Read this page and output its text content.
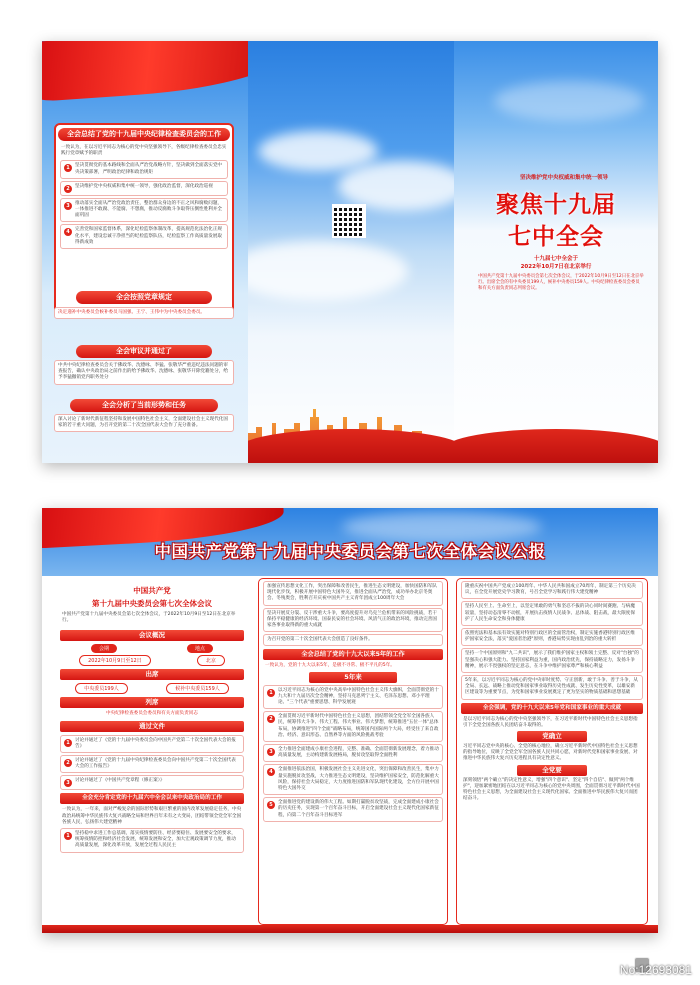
全会总结了党的十九届中央纪律检查委员会的工作
一致认为，在以习近平同志为核心的党中央坚强领导下，各级纪律检查委员会忠实践行党章赋予的职责
1	坚决贯彻党的基本路线和全面从严治党战略方针，坚决做到全面落实党中央决策部署，严明政治纪律和政治规矩
2	坚决维护党中央权威和集中统一领导，强化政治监督，深化政治巡视
3	推动落实全面从严治党政治责任，整治群众身边的不正之风和腐败问题，一体推进不敢腐、不能腐、不想腐，推动反腐败斗争取得压倒性胜利并全面巩固
4	完善党和国家监督体系，深化纪检监察体制改革，提高规范化法治化正规化水平，建设忠诚干净担当的纪检监察队伍，纪检监察工作高质量发展取得新成效
全会按照党章规定
决定递补中央委员会候补委员马国强、王宁、王伟中为中央委员会委员。
全会审议并通过了
中共中央纪律检查委员会关于佛政华、沈德咏、李猛、张敬华严重违纪违法问题的审查报告，确认中央政治局之前作出的给予佛政华、沈德咏、张敬华开除党籍处分，给予李猛撤销党内职务处分
全会分析了当前形势和任务
深入讨论了新时代新征程坚持和发展中国特色社会主义，全面建设社会主义现代化国家的若干重大问题，为召开党的第二十次全国代表大会作了充分准备。
坚决维护党中央权威和集中统一领导
聚焦十九届
七中全会
十九届七中全会于
2022年10月7日在北京举行
中国共产党第十九届中央委员会第七次全体会议，于2022年10月9日至12日在北京举行。出席全会的有中央委员199人，候补中央委员159人。中央纪律检查委员会委员和有关方面负责同志列席会议。
中国共产党第十九届中央委员会第七次全体会议公报
中国共产党
第十九届中央委员会第七次全体会议
中国共产党第十九届中央委员会第七次全体会议，于2022年10月9日至12日在北京举行。
会议概况
会期	地点
2022年10月9日至12日	北京
出席
中央委员199人	候补中央委员159人
列席
中央纪律检查委员会委员和有关方面负责同志
通过文件
1	讨论并通过了《党的十九届中央委员会向中国共产党第二十次全国代表大会的报告》
2	讨论并通过了《党的十九届中央纪律检查委员会向中国共产党第二十次全国代表大会的工作报告》
3	讨论并通过了《中国共产党章程（修正案）》
全会充分肯定党的十九届六中全会以来中央政治局的工作
一致认为，一年来，面对严峻复杂的国际形势和艰巨繁重的国内改革发展稳定任务，中央政治局统筹中华民族伟大复兴战略全局和世界百年未有之大变局，团结带领全党全军全国各族人民，弘扬伟大建党精神
1	坚持稳中求进工作总基调，落实疫情要防住、经济要稳住、发展要安全的要求，统筹疫情防控和经济社会发展，统筹发展和安全，加大宏观政策调节力度，推动高质量发展，深化改革开放，发展全过程人民民主
加强宣传思想文化工作，突出保障和改善民生，推进生态文明建设，加快国防和军队现代化步伐，积极开展中国特色大国外交，推进全面从严治党，成功举办北京冬奥会、冬残奥会，胜利召开庆祝中国共产主义青年团成立100周年大会
坚决开展反分裂、反干涉重大斗争，要高度提升对乌克兰危机带来的风险挑战，若干保持平稳健康的经济环境、国泰民安的社会环境、风清气正的政治环境，推动完善国家各事业取得新的重大成就
为召开党的第二十次全国代表大会创造了良好条件。
全会总结了党的十九大以来5年的工作
一致认为，党的十九大以来5年，是极不寻常、极不平凡的5年。
5年来
1	以习近平同志为核心的党中央高举中国特色社会主义伟大旗帜，全面贯彻党的十九大和十九届历次全会精神，坚持马克思列宁主义、毛泽东思想、邓小平理论、"三个代表"重要思想、科学发展观
2	全面贯彻习近平新时代中国特色社会主义思想，团结带领全党全军全国各族人民，统筹伟大斗争、伟大工程、伟大事业、伟大梦想，统筹推进"五位一体"总体布局，协调推进"四个全面"战略布局，统筹国内国际两个大局，经受住了来自政治、经济、意识形态、自然界等方面的风险挑战考验
3	全力推进全面建成小康社会进程，完整、准确、全面贯彻新发展理念，着力推动高质量发展，主动构建新发展格局，脱贫攻坚取得全面胜利
4	全面推进依法治国，积极发展社会主义先进文化，突出保障和改善民生，集中力量实施脱贫攻坚战，大力推进生态文明建设，坚决维护国家安全，防范化解重大风险，保持社会大局稳定，大力度推进国防和军队现代化建设，全方位开展中国特色大国外交
5	全面推进党的建设新的伟大工程。如期打赢脱贫攻坚战，完成全面建成小康社会的历史任务，实现第一个百年奋斗目标，开启全面建设社会主义现代化国家新征程，向第二个百年奋斗目标进军
隆重庆祝中国共产党成立100周年、中华人民共和国成立70周年，制定第三个历史决议，在全党开展党史学习教育，号召全党学习和践行伟大建党精神
坚持人民至上、生命至上，以坚定果敢的勇气和坚忍不拔的决心同时间赛跑、与病魔较量，坚持动态清零不动摇，开展抗击疫情人民战争、总体战、阻击战，最大限度保护了人民生命安全和身体健康
依照宪法和基本法有效实施对特别行政区的全面管治权，制定实施香港特别行政区维护国家安全法，落实"爱国者治港"原则，香港局势实现由乱到治的重大转折
坚持一个中国原则和"九二共识"，展示了我们维护国家主权和领土完整、反对"台独"的坚强决心和强大能力。坚持国家利益为重，国内政治优先，保持战略定力，发扬斗争精神，展示不畏强权的坚定意志，在斗争中维护国家尊严和核心利益
5年来，以习近平同志为核心的党中央审时度势、守正创新，敢于斗争、善于斗争，从全局、长远、战略上推动党和国家事业取得历史性成就、发生历史性变革，以雄安新区建设等为重要节点，为党和国家事业发展奠定了更为坚实的物质基础和思想基础
全会强调，党的十九大以来5年党和国家事业的重大成就
是以习近平同志为核心的党中央坚强领导下，在习近平新时代中国特色社会主义思想指引下全党全国各族人民团结奋斗取得的。
党确立
习近平同志党中央的核心、全党的核心地位，确立习近平新时代中国特色社会主义思想的指导地位，反映了全党全军全国各族人民共同心愿，对新时代党和国家事业发展、对推进中华民族伟大复兴历史进程具有决定性意义。
全党要
深刻领悟"两个确立"的决定性意义，增强"四个意识"、坚定"四个自信"、做到"两个维护"，迎加紧密地团结在以习近平同志为核心的党中央周围，全面贯彻习近平新时代中国特色社会主义思想，为全面建设社会主义现代化国家、全面推进中华民族伟大复兴而团结奋斗。
No:12693081
